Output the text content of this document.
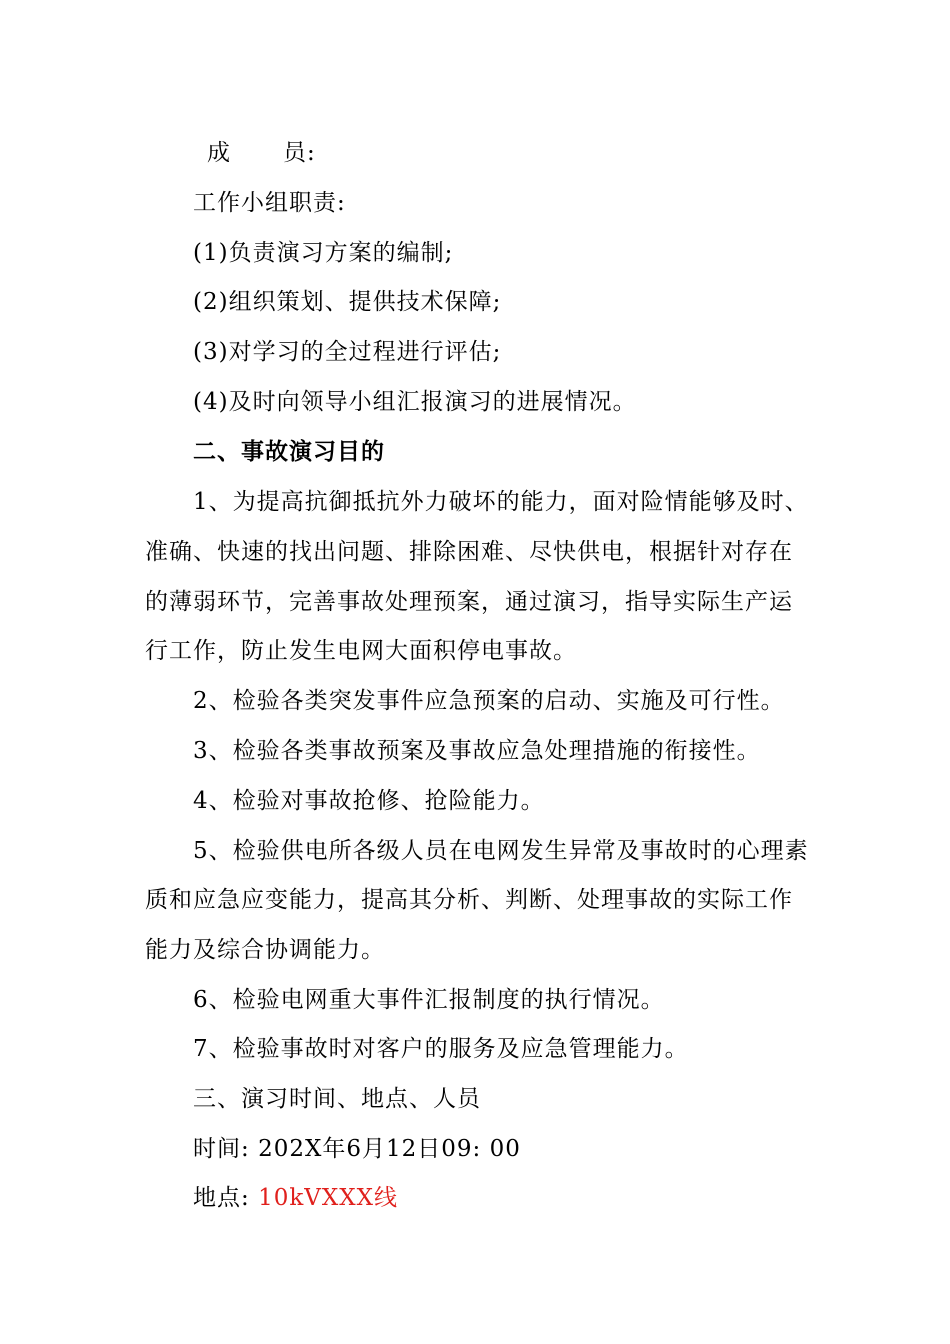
成 员:
工作小组职责:
(1)负责演习方案的编制;
(2)组织策划、提供技术保障;
(3)对学习的全过程进行评估;
(4)及时向领导小组汇报演习的进展情况。
二、事故演习目的
1、为提高抗御抵抗外力破坏的能力，面对险情能够及时、
准确、快速的找出问题、排除困难、尽快供电，根据针对存在
的薄弱环节，完善事故处理预案，通过演习，指导实际生产运
行工作，防止发生电网大面积停电事故。
2、检验各类突发事件应急预案的启动、实施及可行性。
3、检验各类事故预案及事故应急处理措施的衔接性。
4、检验对事故抢修、抢险能力。
5、检验供电所各级人员在电网发生异常及事故时的心理素
质和应急应变能力，提高其分析、判断、处理事故的实际工作
能力及综合协调能力。
6、检验电网重大事件汇报制度的执行情况。
7、检验事故时对客户的服务及应急管理能力。
三、演习时间、地点、人员
时间: 202X年6月12日09: 00
地点: 10kVXXX线
